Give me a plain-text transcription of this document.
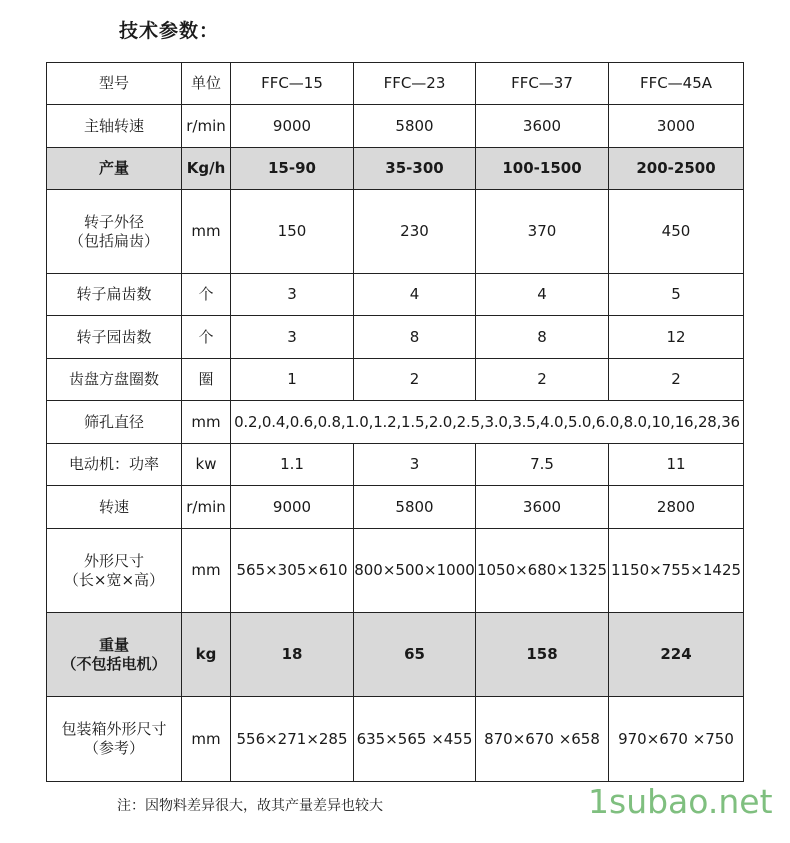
技术参数：
型号	单位	FFC—15	FFC—23	FFC—37	FFC—45A
主轴转速	r/min	9000	5800	3600	3000
产量	Kg/h	15-90	35-300	100-1500	200-2500

转子外径
（包括扁齿）	mm	150	230	370	450
转子扁齿数	个	3	4	4	5
转子园齿数	个	3	8	8	12
齿盘方盘圈数	圈	1	2	2	2
筛孔直径	mm	0.2,0.4,0.6,0.8,1.0,1.2,1.5,2.0,2.5,3.0,3.5,4.0,5.0,6.0,8.0,10,16,28,36			
电动机：功率	kw	1.1	3	7.5	11
转速	r/min	9000	5800	3600	2800

外形尺寸
（长×宽×高）	mm	565×305×610	800×500×1000	1050×680×1325	1150×755×1425

重量
（不包括电机）	kg	18	65	158	224

包装箱外形尺寸
（参考）	mm	556×271×285	635×565 ×455	870×670 ×658	970×670 ×750
注：因物料差异很大，故其产量差异也较大	1subao.net
